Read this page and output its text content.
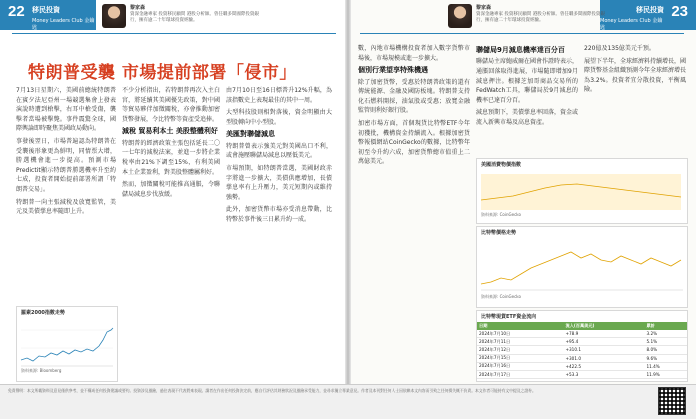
22 移民投資
Money Leaders Club 金鑰匙
黎家森
資深金融專家 投資移民顧問 港股分析師。曾任職多間國際投資銀行，擁有逾二十年環球投資經驗。
特朗普受襲 市場提前部署「侵市」

7月13日星期六，美國前總統特朗普在賓夕法尼亞州一場競選集會上發表演說時遭到槍擊，右耳中槍受傷，襲擊者當場被擊斃。事件震驚全球，國際輿論即時聚焦美國政局動向。

事發後翌日，市場普遍認為特朗普在受襲後形象更為鮮明，同情票大增，勝選機會進一步提高。預測市場Predictit顯示特朗普勝選機率升至約七成，投資者開始提前部署所謂「特朗普交易」。

特朗普一向主張減稅及放寬監管，美元及美債孳息率隨即上升。

羅素2000指數走勢
資料來源: Bloomberg

不少分析指出，若特朗普再次入主白宮，將延續其美國優先政策，對中國等貿易夥伴加徵關稅，亦會推動加密貨幣發展，令比特幣等資產受追捧。

減稅 貿易利本土 美股整體利好

特朗普的經濟政策主張包括延長二〇一七年的減稅法案，並進一步將企業稅率由21%下調至15%，有利美國本土企業盈利，對美股整體屬利好。

然而，加徵關稅可能推高通脹，令聯儲局減息步伐放緩。

由7月10日至16日標普升12%升幅，為該指數史上表現最佳的其中一周。

大型科技股則相對落後，資金明顯由大型股轉向中小型股。

美匯對聯儲減息

特朗普曾表示強美元對美國出口不利，或會施壓聯儲局減息以壓低美元。

市場預期，如特朗普當選，美國財政赤字將進一步擴大，美債供應增加，長債孳息率有上升壓力，美元短期內或維持強勢。

此外，加密貨幣市場亦受消息帶動，比特幣於事件後三日累升約一成。

23
移民投資
Money Leaders Club 金鑰匙
黎家森
資深金融專家 投資移民顧問 港股分析師。曾任職多間國際投資銀行，擁有逾二十年環球投資經驗。

數，內地市場機構投資者加入數字貨幣市場後，市場規模或進一步擴大。

個別行業望享特殊機遇

除了加密貨幣，受惠於特朗普政策的還有傳統能源、金融及國防板塊。特朗普支持化石燃料開採，油氣股或受惠；放寬金融監管則利好銀行股。

加密市場方面，首個現貨比特幣ETF今年初獲批，機構資金持續流入。根據加密貨幣報價網站CoinGecko的數據，比特幣年初至今升約六成，加密貨幣總市值重上二萬億美元。

聯儲局9月減息機率達百分百

聯儲局主席鮑威爾在國會作證時表示，通脹回落取得進展，市場隨即增加9月減息押注。根據芝加哥商品交易所的FedWatch工具，聯儲局於9月減息的機率已達百分百。

減息預期下，美債孳息率回落，資金或流入新興市場及高息資產。

220億及135億美元千預。

展望下半年，全球經濟料持續增長，國際貨幣基金組織預測今年全球經濟增長為3.2%。投資者宜分散投資，平衡風險。

美國消費物價指數
資料來源: CoinGecko
比特幣價格走勢
資料來源: CoinGecko
比特幣現貨ETF資金流向
日期	流入(百萬美元)	累計
2024年7月10日	+78.9	3.2%
2024年7月11日	+95.4	5.1%
2024年7月12日	+310.1	8.0%
2024年7月15日	+301.0	9.6%
2024年7月16日	+422.5	11.4%
2024年7月17日	+53.3	11.9%
免責聲明：本文所載資料及意見僅供參考，並不構成任何投資建議或要約。投資涉及風險，過往表現不代表將來表現。讀者在作出任何投資決定前，應自行評估其財務狀況及風險承受能力，並尋求獨立專業意見。作者及本刊對任何人士因依賴本文內容而引致之任何損失概不負責。本文作者可能持有文中提及之證券。
